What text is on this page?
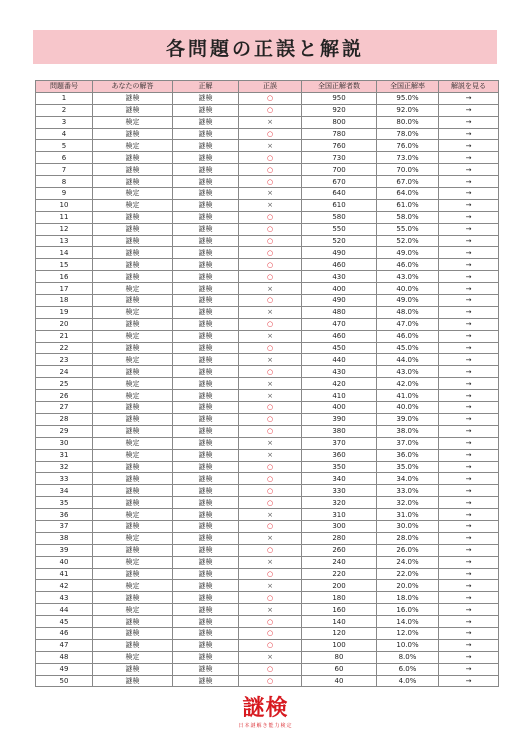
各問題の正誤と解説
問題番号	あなたの解答	正解	正誤	全国正解者数	全国正解率	解説を見る
1	謎検	謎検	○	950	95.0%	→
2	謎検	謎検	○	920	92.0%	→
3	検定	謎検	×	800	80.0%	→
4	謎検	謎検	○	780	78.0%	→
5	検定	謎検	×	760	76.0%	→
6	謎検	謎検	○	730	73.0%	→
7	謎検	謎検	○	700	70.0%	→
8	謎検	謎検	○	670	67.0%	→
9	検定	謎検	×	640	64.0%	→
10	検定	謎検	×	610	61.0%	→
11	謎検	謎検	○	580	58.0%	→
12	謎検	謎検	○	550	55.0%	→
13	謎検	謎検	○	520	52.0%	→
14	謎検	謎検	○	490	49.0%	→
15	謎検	謎検	○	460	46.0%	→
16	謎検	謎検	○	430	43.0%	→
17	検定	謎検	×	400	40.0%	→
18	謎検	謎検	○	490	49.0%	→
19	検定	謎検	×	480	48.0%	→
20	謎検	謎検	○	470	47.0%	→
21	検定	謎検	×	460	46.0%	→
22	謎検	謎検	○	450	45.0%	→
23	検定	謎検	×	440	44.0%	→
24	謎検	謎検	○	430	43.0%	→
25	検定	謎検	×	420	42.0%	→
26	検定	謎検	×	410	41.0%	→
27	謎検	謎検	○	400	40.0%	→
28	謎検	謎検	○	390	39.0%	→
29	謎検	謎検	○	380	38.0%	→
30	検定	謎検	×	370	37.0%	→
31	検定	謎検	×	360	36.0%	→
32	謎検	謎検	○	350	35.0%	→
33	謎検	謎検	○	340	34.0%	→
34	謎検	謎検	○	330	33.0%	→
35	謎検	謎検	○	320	32.0%	→
36	検定	謎検	×	310	31.0%	→
37	謎検	謎検	○	300	30.0%	→
38	検定	謎検	×	280	28.0%	→
39	謎検	謎検	○	260	26.0%	→
40	検定	謎検	×	240	24.0%	→
41	謎検	謎検	○	220	22.0%	→
42	検定	謎検	×	200	20.0%	→
43	謎検	謎検	○	180	18.0%	→
44	検定	謎検	×	160	16.0%	→
45	謎検	謎検	○	140	14.0%	→
46	謎検	謎検	○	120	12.0%	→
47	謎検	謎検	○	100	10.0%	→
48	検定	謎検	×	80	8.0%	→
49	謎検	謎検	○	60	6.0%	→
50	謎検	謎検	○	40	4.0%	→
謎検
日本謎解き能力検定
